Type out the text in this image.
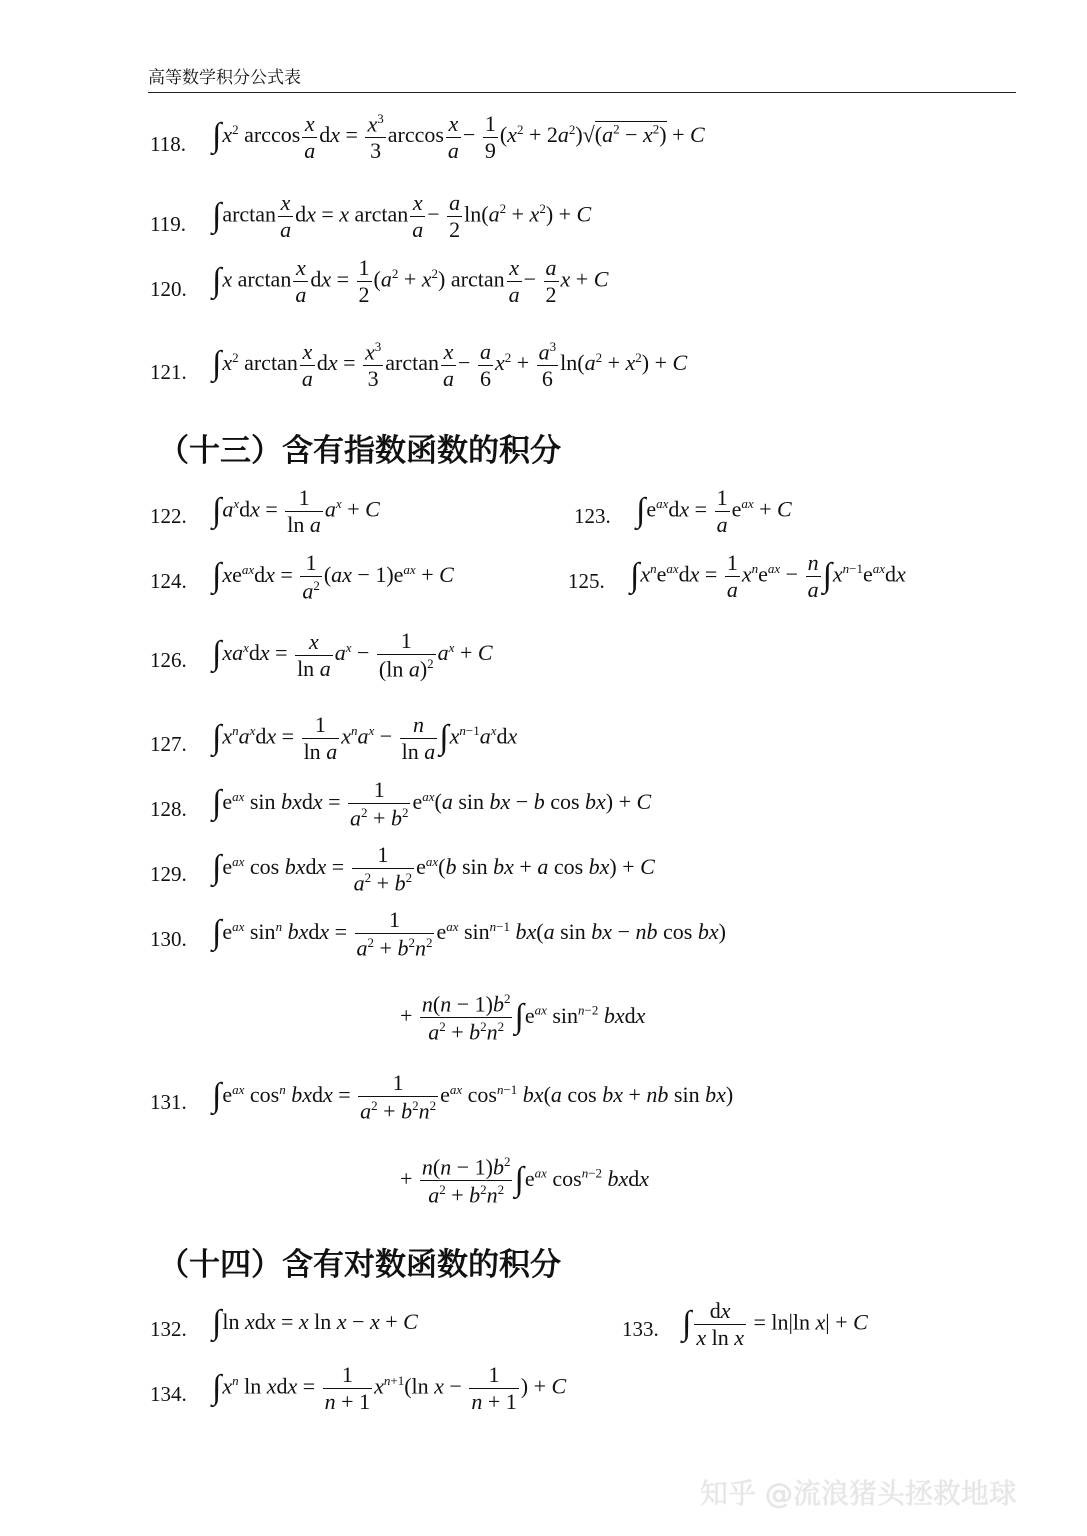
高等数学积分公式表
118. $\int x^2$ $\arccos \frac{x}{a}$ dx = $\frac{x^3}{3}$ $\arccos \frac{x}{a} - \frac{1}{9} (x^2 + 2a^2)√(a^2 - x^2) + C$
119. $\int\arctan \frac{x}{a}$ dx = x $\arctan \frac{x}{a} - \frac{a}{2} \ln(a^2 + x^2) + C$
120. ∫x $\arctan \frac{x}{a}$ dx = $\frac{1}{2} (a^2 + x^2)$ $\arctan \frac{x}{a} - \frac{a}{2}$ x + C
121. $\int x^2$ $\arctan \frac{x}{a}$ dx = $\frac{x^3}{3}$ $\arctan \frac{x}{a} - \frac{a}{6} x^2 + \frac{a^3}{6} \ln(a^2 + x^2) + C$
（十三）含有指数函数的积分
122. $\int a^xdx = \frac{1}{\text{ln a}} a^x + C$	123. $\int e^{ax}dx = \frac{1}{a} e^{ax} + C$
124. $\int xe^{ax}dx = \frac{1}{a^2} (ax - 1)e^{ax} + C$	125. $\int x^ne^{ax}dx = \frac{1}{a} x^ne^{ax} - \frac{n}{a} \int x^{n-1}e^{ax}dx$
126. $\int xa^xdx = \frac{x}{\text{ln a}} a^x - \frac{1}{(\ln a)^2} a^x + C$
127. $\int x^na^xdx = \frac{1}{\text{ln a}} x^na^x - \frac{n}{\text{ln a}} \int x^{n-1}a^xdx$
128. $\int e^{ax}$ sin bxdx = $\frac{1}{a^2 + b^2} e^{ax}(a$ sin bx − b cos bx) + C
129. $\int e^{ax}$ cos bxdx = $\frac{1}{a^2 + b^2} e^{ax}(b$ sin bx + a cos bx) + C
130. $\int e^{ax}$ $\sin^n$ bxdx = $\frac{1}{a^2 + b^2n^2} e^{ax}$ $\sin^{n-1} bx(a$ sin bx − nb cos bx)
+ $\frac{n(n - 1)b^2}{a^2 + b^2n^2} \int e^{ax}$ $\sin^{n-2}$ bxdx
131. $\int e^{ax}$ $\cos^n$ bxdx = $\frac{1}{a^2 + b^2n^2} e^{ax}$ $\cos^{n-1} bx(a$ cos bx + nb sin bx)
+ $\frac{n(n - 1)b^2}{a^2 + b^2n^2} \int e^{ax}$ $\cos^{n-2}$ bxdx
（十四）含有对数函数的积分
132. ∫ln xdx = x ln x − x + C	133. ∫ $\frac{dx}{\text{x ln x}} = \ln|\ln$ x| + C
134. $\int x^n$ ln xdx = $\frac{1}{n + 1} x^{n+1}(\ln$ $x - \frac{1}{n + 1}$ ) + C
知乎 @流浪猪头拯救地球
